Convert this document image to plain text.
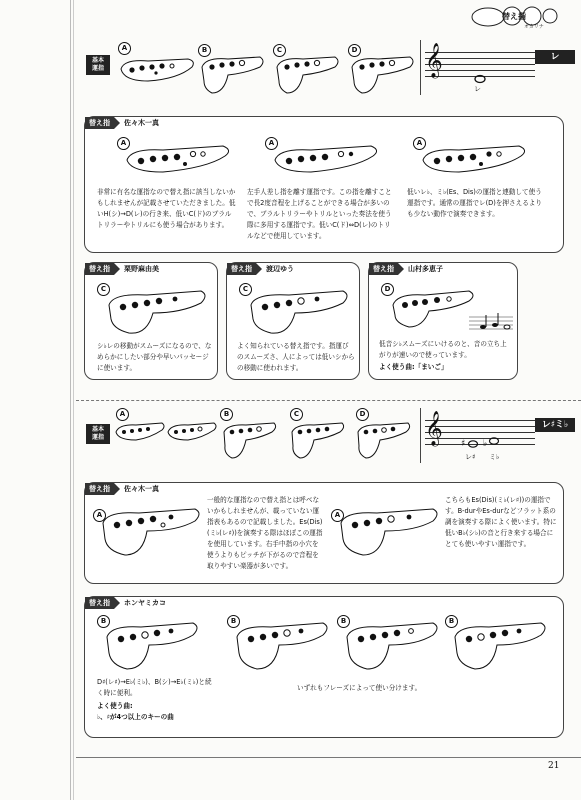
替え指
オカリナ
基本
運指
A	B	C	D 𝄞
レ
レ
替え指	佐々木一真
A
非常に有名な運指なので替え指に該当しないかもしれませんが記載させていただきました。低いH(シ)→D(レ)の行き来、低いC(ド)のブラルトリラーやトリルにも使う場合があります。
A
左手人差し指を離す運指です。この指を離すことで長2度音程を上げることができる場合が多いので、ブラルトリラーやトリルといった奏法を使う際に多用する運指です。低いC(ド)⇔D(レ)のトリルなどで使用しています。
A
低いレ♭、ミ♭(Es、Dis)の運指と連動して使う運指です。通常の運指でレ(D)を押さえるよりも少ない動作で演奏できます。
替え指	栗野麻由美
C
シ♭レの移動がスムーズになるので、なめらかにしたい部分や早いパッセージに使います。
替え指	渡辺ゆう
C
よく知られている替え指です。指運びのスムーズさ、人によっては低いシから の移動に使われます。
替え指	山村多恵子
D
低音シ♭スムーズにいけるのと、音の立ち上がりが速いので使っています。
よく使う曲:「まいご」
基本
運指
A	B	C	D 𝄞 ♯ ♭
レ♯ ミ♭
レ♯ミ♭
替え指	佐々木一真
A
一般的な運指なので替え指とは呼べないかもしれませんが、載っていない運指表もあるので記載しました。Es(Dis)(ミ♭(レ♯))を演奏する際はほぼこの運指を使用しています。右手中指の小穴を使うよりもピッチが下がるので音程を取りやすい楽器が多いです。
A
こちらもEs(Dis)(ミ♭(レ♯))の運指です。B-durやEs-durなどフラット系の調を演奏する際によく使います。特に低いB♭(シ♭)の音と行き来する場合にとても使いやすい運指です。
替え指	ホンヤミカコ
B	B	B	B
D♯(レ♯)→E♭(ミ♭)、B(シ)→E♭(ミ♭)と続く時に便利。
よく使う曲:
♭、♯が4つ以上のキーの曲
いずれもフレーズによって使い分けます。
21
